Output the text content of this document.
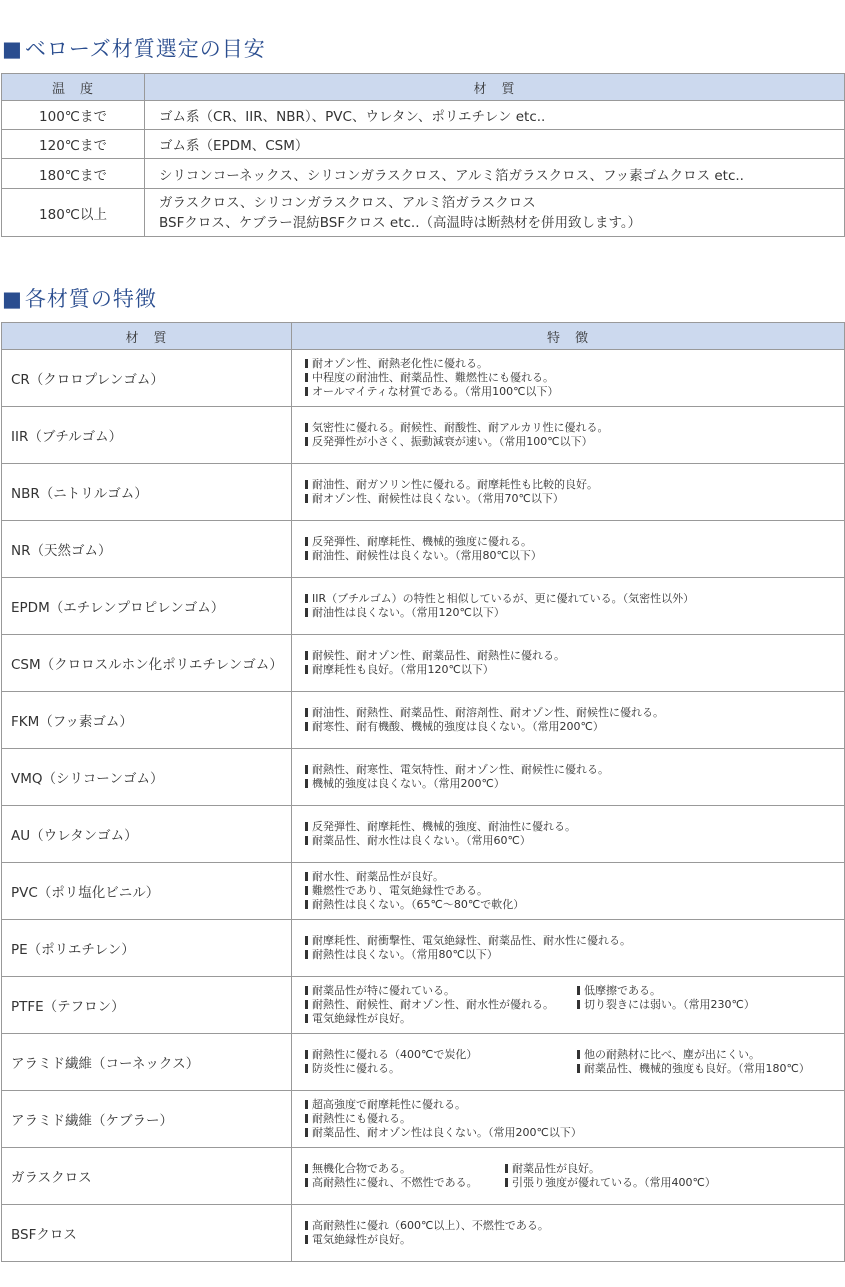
■ベローズ材質選定の目安
温　度	材　質
100℃まで	ゴム系（CR、IIR、NBR）、PVC、ウレタン、ポリエチレン etc..

120℃まで	ゴム系（EPDM、CSM）

180℃まで	シリコンコーネックス、シリコンガラスクロス、アルミ箔ガラスクロス、フッ素ゴムクロス etc..

180℃以上	ガラスクロス、シリコンガラスクロス、アルミ箔ガラスクロス
BSFクロス、ケブラー混紡BSFクロス etc..（高温時は断熱材を併用致します。）
■各材質の特徴
材　質	特　徴
CR（クロロプレンゴム）	耐オゾン性、耐熱老化性に優れる。
中程度の耐油性、耐薬品性、難燃性にも優れる。
オールマイティな材質である。（常用100℃以下）

IIR（ブチルゴム）	気密性に優れる。耐候性、耐酸性、耐アルカリ性に優れる。
反発弾性が小さく、振動減衰が速い。（常用100℃以下）

NBR（ニトリルゴム）	耐油性、耐ガソリン性に優れる。耐摩耗性も比較的良好。
耐オゾン性、耐候性は良くない。（常用70℃以下）

NR（天然ゴム）	反発弾性、耐摩耗性、機械的強度に優れる。
耐油性、耐候性は良くない。（常用80℃以下）

EPDM（エチレンプロピレンゴム）	IIR（ブチルゴム）の特性と相似しているが、更に優れている。（気密性以外）
耐油性は良くない。（常用120℃以下）

CSM（クロロスルホン化ポリエチレンゴム）	耐候性、耐オゾン性、耐薬品性、耐熱性に優れる。
耐摩耗性も良好。（常用120℃以下）

FKM（フッ素ゴム）	耐油性、耐熱性、耐薬品性、耐溶剤性、耐オゾン性、耐候性に優れる。
耐寒性、耐有機酸、機械的強度は良くない。（常用200℃）

VMQ（シリコーンゴム）	耐熱性、耐寒性、電気特性、耐オゾン性、耐候性に優れる。
機械的強度は良くない。（常用200℃）

AU（ウレタンゴム）	反発弾性、耐摩耗性、機械的強度、耐油性に優れる。
耐薬品性、耐水性は良くない。（常用60℃）

PVC（ポリ塩化ビニル）	耐水性、耐薬品性が良好。
難燃性であり、電気絶縁性である。
耐熱性は良くない。（65℃～80℃で軟化）

PE（ポリエチレン）	耐摩耗性、耐衝撃性、電気絶縁性、耐薬品性、耐水性に優れる。
耐熱性は良くない。（常用80℃以下）

PTFE（テフロン）	耐薬品性が特に優れている。
耐熱性、耐候性、耐オゾン性、耐水性が優れる。
電気絶縁性が良好。
低摩擦である。
切り裂きには弱い。（常用230℃）

アラミド繊維（コーネックス）	耐熱性に優れる（400℃で炭化）
防炎性に優れる。
他の耐熱材に比べ、塵が出にくい。
耐薬品性、機械的強度も良好。（常用180℃）

アラミド繊維（ケブラー）	超高強度で耐摩耗性に優れる。
耐熱性にも優れる。
耐薬品性、耐オゾン性は良くない。（常用200℃以下）

ガラスクロス	無機化合物である。
高耐熱性に優れ、不燃性である。
耐薬品性が良好。
引張り強度が優れている。（常用400℃）

BSFクロス	高耐熱性に優れ（600℃以上）、不燃性である。
電気絶縁性が良好。
